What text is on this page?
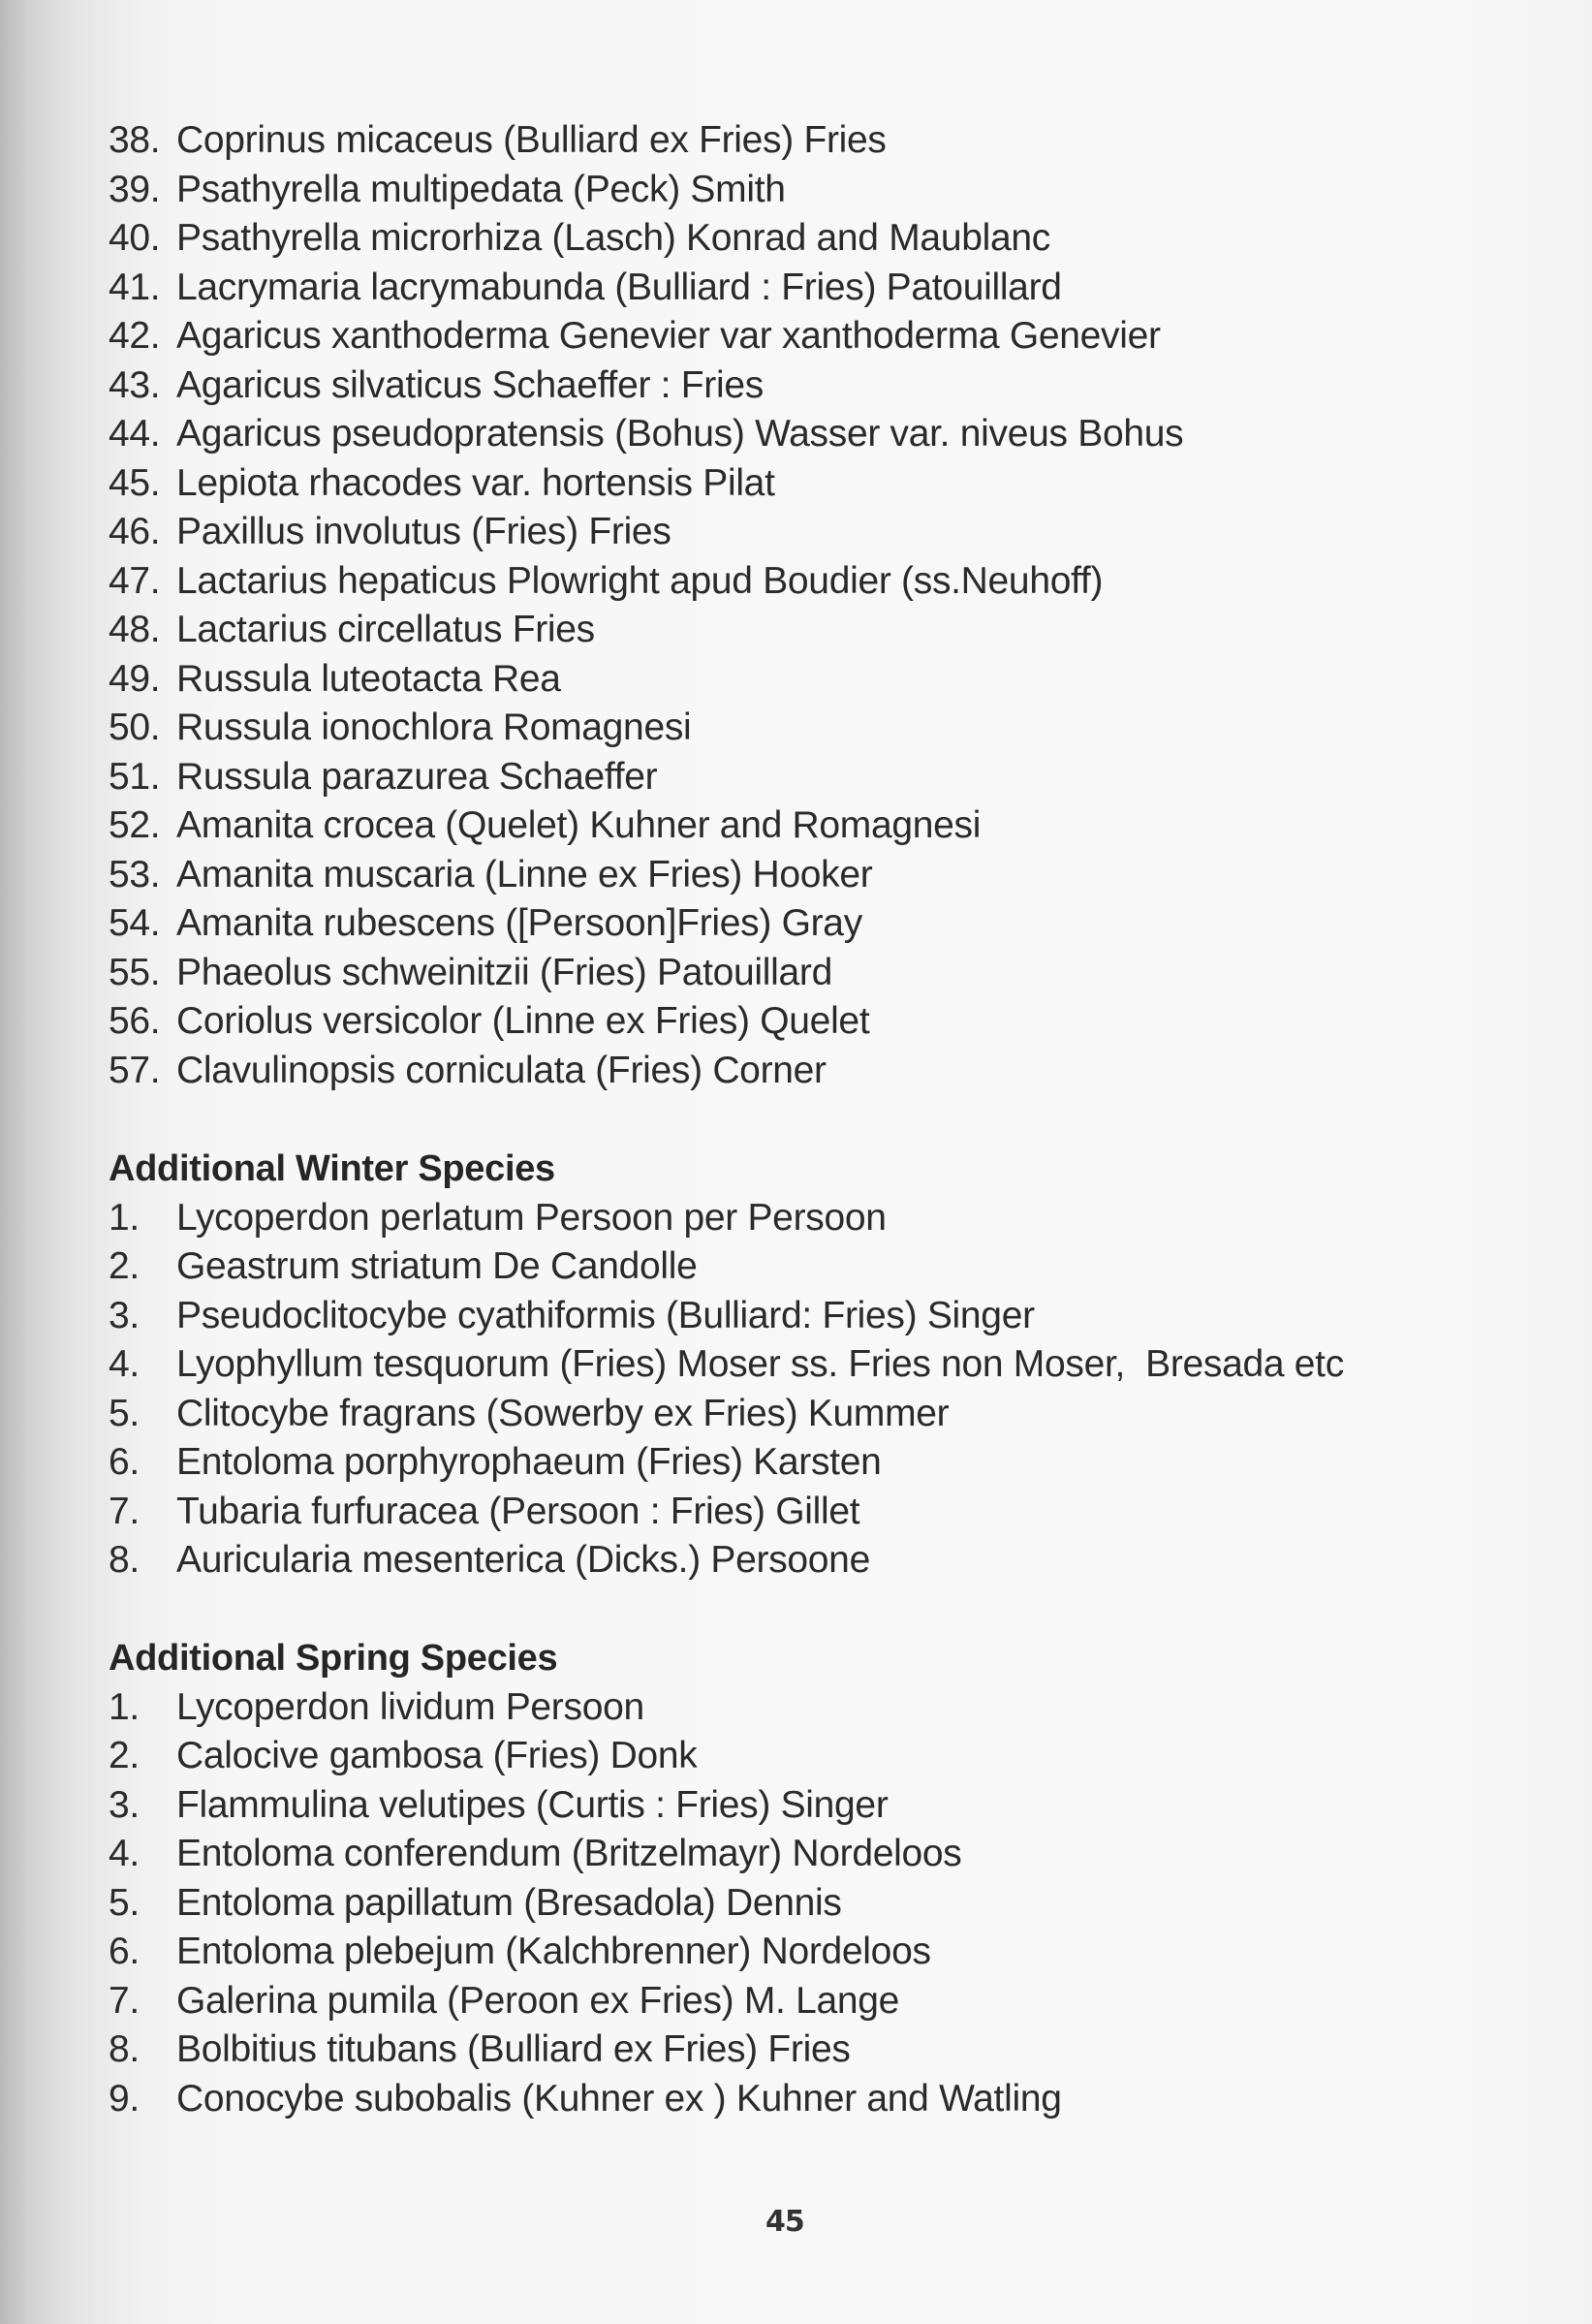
38. Coprinus micaceus (Bulliard ex Fries) Fries
39. Psathyrella multipedata (Peck) Smith
40. Psathyrella microrhiza (Lasch) Konrad and Maublanc
41. Lacrymaria lacrymabunda (Bulliard : Fries) Patouillard
42. Agaricus xanthoderma Genevier var xanthoderma Genevier
43. Agaricus silvaticus Schaeffer : Fries
44. Agaricus pseudopratensis (Bohus) Wasser var. niveus Bohus
45. Lepiota rhacodes var. hortensis Pilat
46. Paxillus involutus (Fries) Fries
47. Lactarius hepaticus Plowright apud Boudier (ss.Neuhoff)
48. Lactarius circellatus Fries
49. Russula luteotacta Rea
50. Russula ionochlora Romagnesi
51. Russula parazurea Schaeffer
52. Amanita crocea (Quelet) Kuhner and Romagnesi
53. Amanita muscaria (Linne ex Fries) Hooker
54. Amanita rubescens ([Persoon]Fries) Gray
55. Phaeolus schweinitzii (Fries) Patouillard
56. Coriolus versicolor (Linne ex Fries) Quelet
57. Clavulinopsis corniculata (Fries) Corner
Additional Winter Species
1. Lycoperdon perlatum Persoon per Persoon
2. Geastrum striatum De Candolle
3. Pseudoclitocybe cyathiformis (Bulliard: Fries) Singer
4. Lyophyllum tesquorum (Fries) Moser ss. Fries non Moser,  Bresada etc
5. Clitocybe fragrans (Sowerby ex Fries) Kummer
6. Entoloma porphyrophaeum (Fries) Karsten
7. Tubaria furfuracea (Persoon : Fries) Gillet
8. Auricularia mesenterica (Dicks.) Persoone
Additional Spring Species
1. Lycoperdon lividum Persoon
2. Calocive gambosa (Fries) Donk
3. Flammulina velutipes (Curtis : Fries) Singer
4. Entoloma conferendum (Britzelmayr) Nordeloos
5. Entoloma papillatum (Bresadola) Dennis
6. Entoloma plebejum (Kalchbrenner) Nordeloos
7. Galerina pumila (Peroon ex Fries) M. Lange
8. Bolbitius titubans (Bulliard ex Fries) Fries
9. Conocybe subobalis (Kuhner ex ) Kuhner and Watling
45
